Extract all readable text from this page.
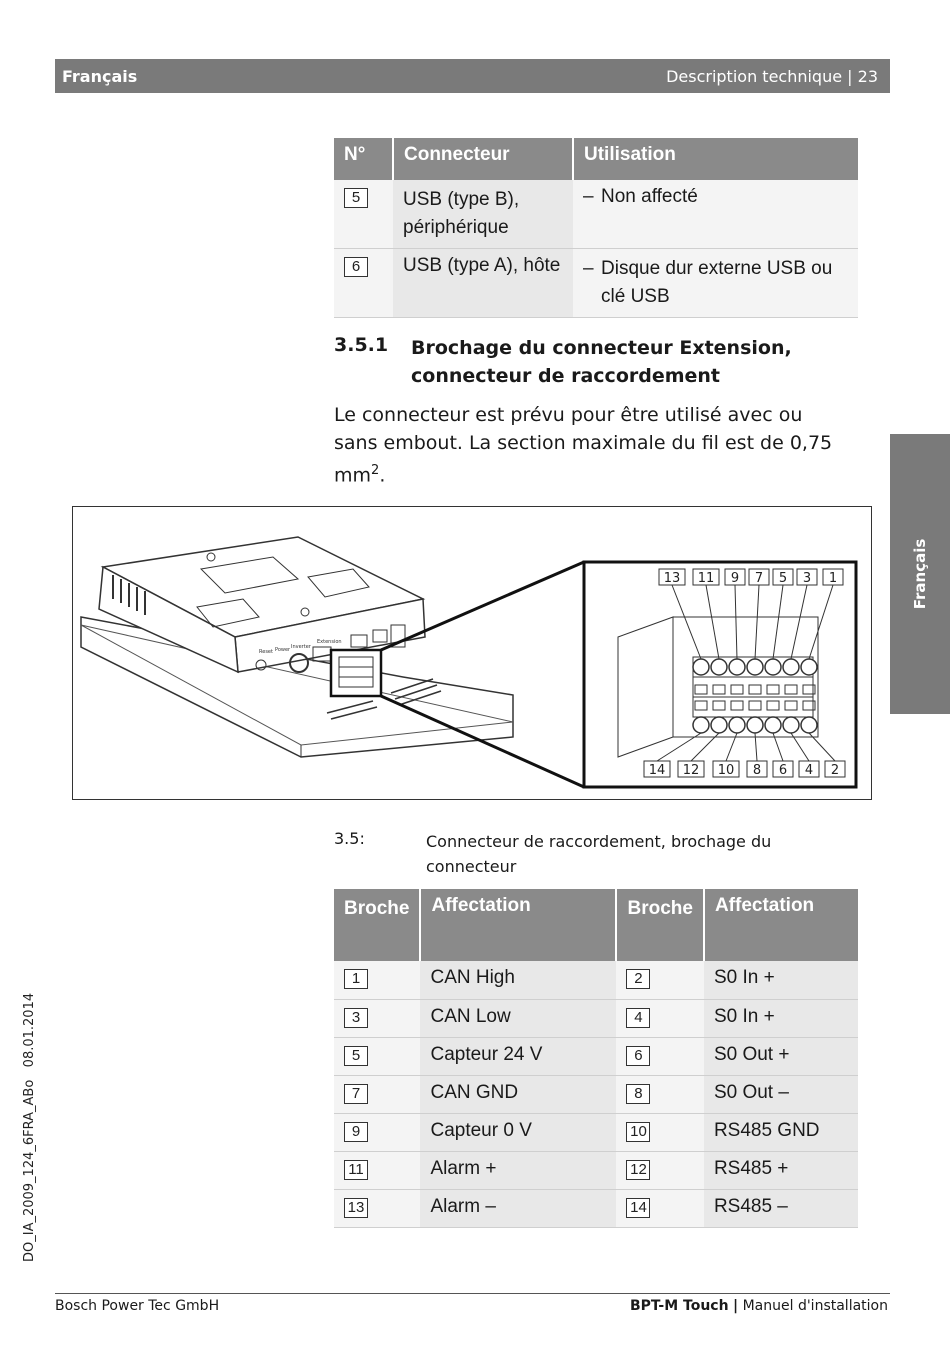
Français	Description technique | 23
Français
DO_IA_2009_124_6FRA_ABo   08.01.2014
N°	Connecteur	Utilisation
5	USB (type B), périphérique	– Non affecté
6	USB (type A), hôte	– Disque dur externe USB ou clé USB
3.5.1 Brochage du connecteur Extension, connecteur de raccordement
Le connecteur est prévu pour être utilisé avec ou sans embout. La section maximale du fil est de 0,75 $mm^2$.
Reset Power Inverter
Extension
13 11 9 7 5 3 1
14 12 10 8 6 4 2
3.5:	Connecteur de raccordement, brochage du connecteur
Broche	Affectation	Broche	Affectation
1	CAN High	2	S0 In +
3	CAN Low	4	S0 In +
5	Capteur 24 V	6	S0 Out +
7	CAN GND	8	S0 Out –
9	Capteur 0 V	10	RS485 GND
11	Alarm +	12	RS485 +
13	Alarm –	14	RS485 –
Bosch Power Tec GmbH	BPT-M Touch | Manuel d'installation
